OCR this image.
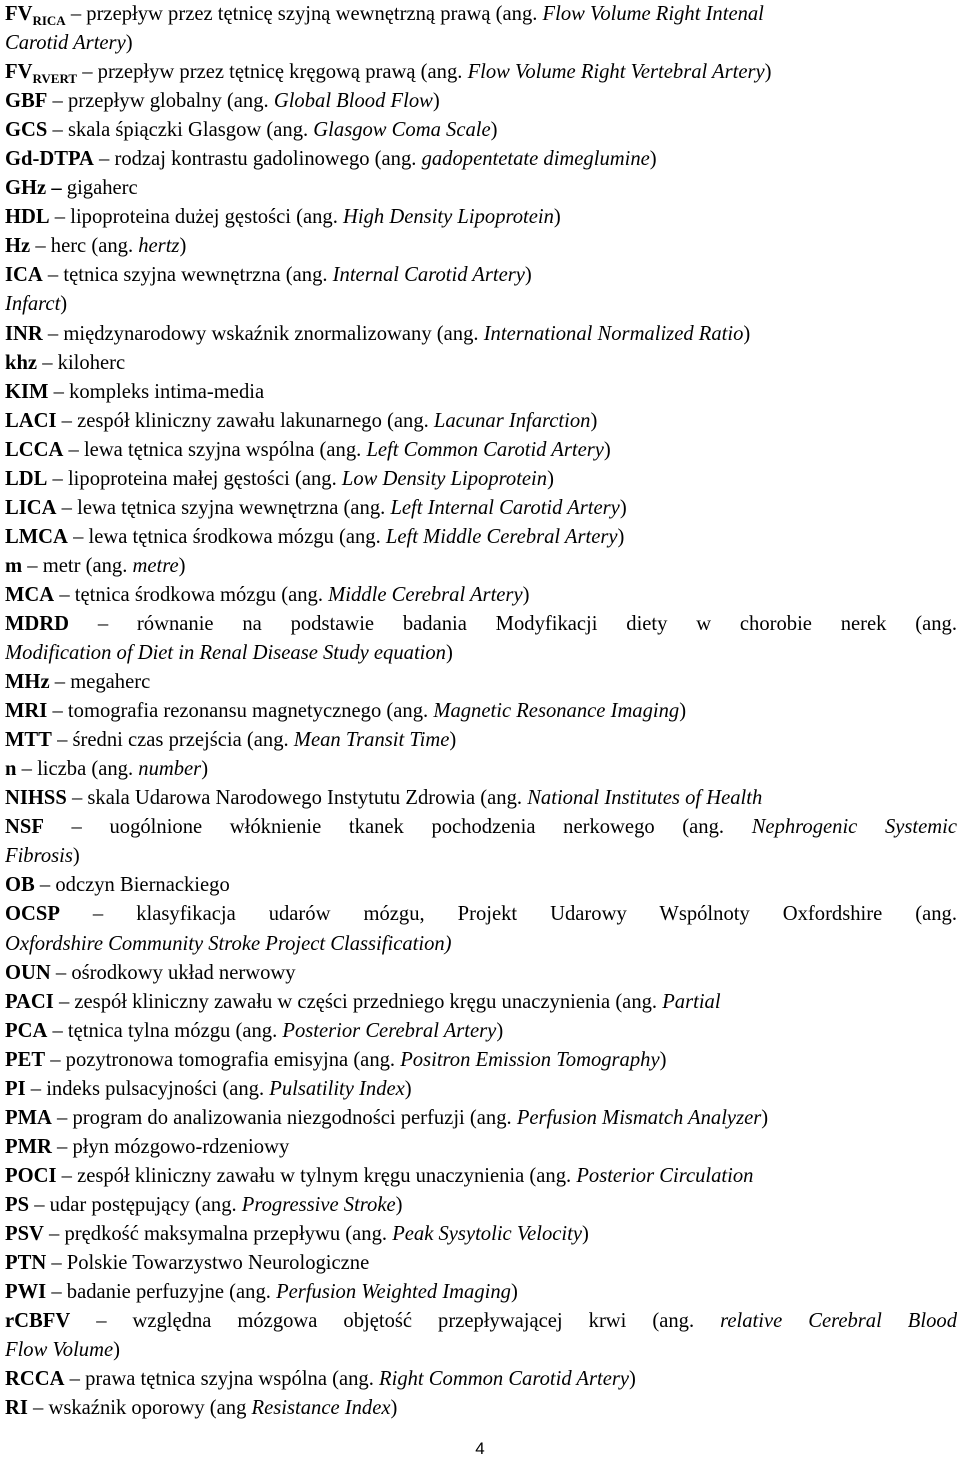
$FV_{RICA}$ – przepływ przez tętnicę szyjną wewnętrzną prawą (ang. Flow Volume Right Intenal
Carotid Artery)
$FV_{RVERT}$ – przepływ przez tętnicę kręgową prawą (ang. Flow Volume Right Vertebral Artery)
GBF – przepływ globalny (ang. Global Blood Flow)
GCS – skala śpiączki Glasgow (ang. Glasgow Coma Scale)
Gd-DTPA – rodzaj kontrastu gadolinowego (ang. gadopentetate dimeglumine)
GHz – gigaherc
HDL – lipoproteina dużej gęstości (ang. High Density Lipoprotein)
Hz – herc (ang. hertz)
ICA – tętnica szyjna wewnętrzna (ang. Internal Carotid Artery)
Infarct)
INR – międzynarodowy wskaźnik znormalizowany (ang. International Normalized Ratio)
khz – kiloherc
KIM – kompleks intima-media
LACI – zespół kliniczny zawału lakunarnego (ang. Lacunar Infarction)
LCCA – lewa tętnica szyjna wspólna (ang. Left Common Carotid Artery)
LDL – lipoproteina małej gęstości (ang. Low Density Lipoprotein)
LICA – lewa tętnica szyjna wewnętrzna (ang. Left Internal Carotid Artery)
LMCA – lewa tętnica środkowa mózgu (ang. Left Middle Cerebral Artery)
m – metr (ang. metre)
MCA – tętnica środkowa mózgu (ang. Middle Cerebral Artery)
MDRD – równanie na podstawie badania Modyfikacji diety w chorobie nerek (ang.
Modification of Diet in Renal Disease Study equation)
MHz – megaherc
MRI – tomografia rezonansu magnetycznego (ang. Magnetic Resonance Imaging)
MTT – średni czas przejścia (ang. Mean Transit Time)
n – liczba (ang. number)
NIHSS – skala Udarowa Narodowego Instytutu Zdrowia (ang. National Institutes of Health
NSF – uogólnione włóknienie tkanek pochodzenia nerkowego (ang. Nephrogenic Systemic
Fibrosis)
OB – odczyn Biernackiego
OCSP – klasyfikacja udarów mózgu, Projekt Udarowy Wspólnoty Oxfordshire (ang.
Oxfordshire Community Stroke Project Classification)
OUN – ośrodkowy układ nerwowy
PACI – zespół kliniczny zawału w części przedniego kręgu unaczynienia (ang. Partial
PCA – tętnica tylna mózgu (ang. Posterior Cerebral Artery)
PET – pozytronowa tomografia emisyjna (ang. Positron Emission Tomography)
PI – indeks pulsacyjności (ang. Pulsatility Index)
PMA – program do analizowania niezgodności perfuzji (ang. Perfusion Mismatch Analyzer)
PMR – płyn mózgowo-rdzeniowy
POCI – zespół kliniczny zawału w tylnym kręgu unaczynienia (ang. Posterior Circulation
PS – udar postępujący (ang. Progressive Stroke)
PSV – prędkość maksymalna przepływu (ang. Peak Sysytolic Velocity)
PTN – Polskie Towarzystwo Neurologiczne
PWI – badanie perfuzyjne (ang. Perfusion Weighted Imaging)
rCBFV – względna mózgowa objętość przepływającej krwi (ang. relative Cerebral Blood
Flow Volume)
RCCA – prawa tętnica szyjna wspólna (ang. Right Common Carotid Artery)
RI – wskaźnik oporowy (ang Resistance Index)
4
